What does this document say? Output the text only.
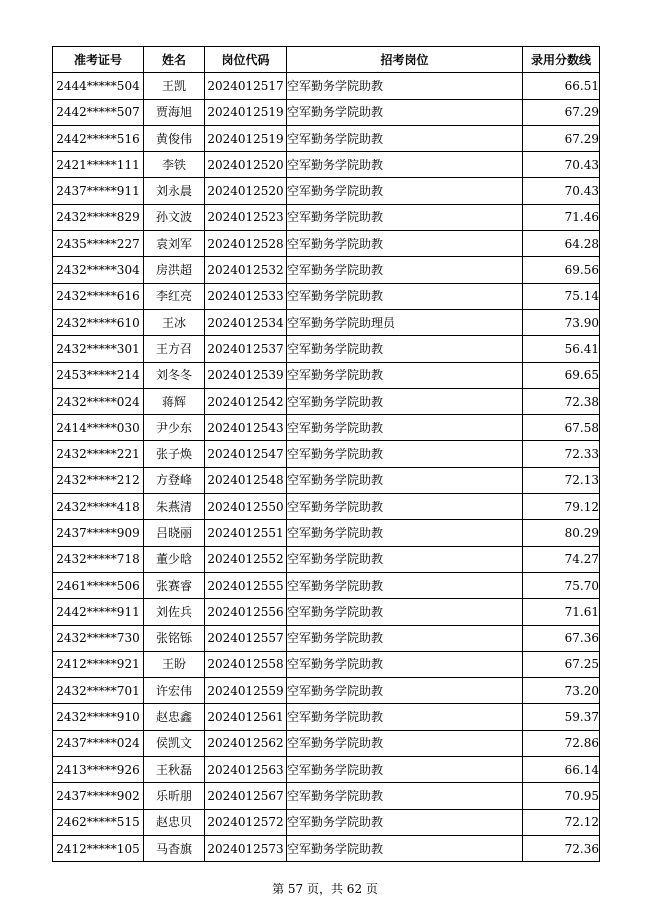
准考证号	姓名	岗位代码	招考岗位	录用分数线
2444*****504	王凯	2024012517	空军勤务学院助教	66.51
2442*****507	贾海旭	2024012519	空军勤务学院助教	67.29
2442*****516	黄俊伟	2024012519	空军勤务学院助教	67.29
2421*****111	李铁	2024012520	空军勤务学院助教	70.43
2437*****911	刘永晨	2024012520	空军勤务学院助教	70.43
2432*****829	孙文波	2024012523	空军勤务学院助教	71.46
2435*****227	袁刘军	2024012528	空军勤务学院助教	64.28
2432*****304	房洪超	2024012532	空军勤务学院助教	69.56
2432*****616	李红亮	2024012533	空军勤务学院助教	75.14
2432*****610	王冰	2024012534	空军勤务学院助理员	73.90
2432*****301	王方召	2024012537	空军勤务学院助教	56.41
2453*****214	刘冬冬	2024012539	空军勤务学院助教	69.65
2432*****024	蒋辉	2024012542	空军勤务学院助教	72.38
2414*****030	尹少东	2024012543	空军勤务学院助教	67.58
2432*****221	张子焕	2024012547	空军勤务学院助教	72.33
2432*****212	方登峰	2024012548	空军勤务学院助教	72.13
2432*****418	朱燕清	2024012550	空军勤务学院助教	79.12
2437*****909	吕晓丽	2024012551	空军勤务学院助教	80.29
2432*****718	董少晗	2024012552	空军勤务学院助教	74.27
2461*****506	张赛睿	2024012555	空军勤务学院助教	75.70
2442*****911	刘佐兵	2024012556	空军勤务学院助教	71.61
2432*****730	张铭铄	2024012557	空军勤务学院助教	67.36
2412*****921	王盼	2024012558	空军勤务学院助教	67.25
2432*****701	许宏伟	2024012559	空军勤务学院助教	73.20
2432*****910	赵忠鑫	2024012561	空军勤务学院助教	59.37
2437*****024	侯凯文	2024012562	空军勤务学院助教	72.86
2413*****926	王秋磊	2024012563	空军勤务学院助教	66.14
2437*****902	乐昕朋	2024012567	空军勤务学院助教	70.95
2462*****515	赵忠贝	2024012572	空军勤务学院助教	72.12
2412*****105	马杳旗	2024012573	空军勤务学院助教	72.36
第 57 页，共 62 页
